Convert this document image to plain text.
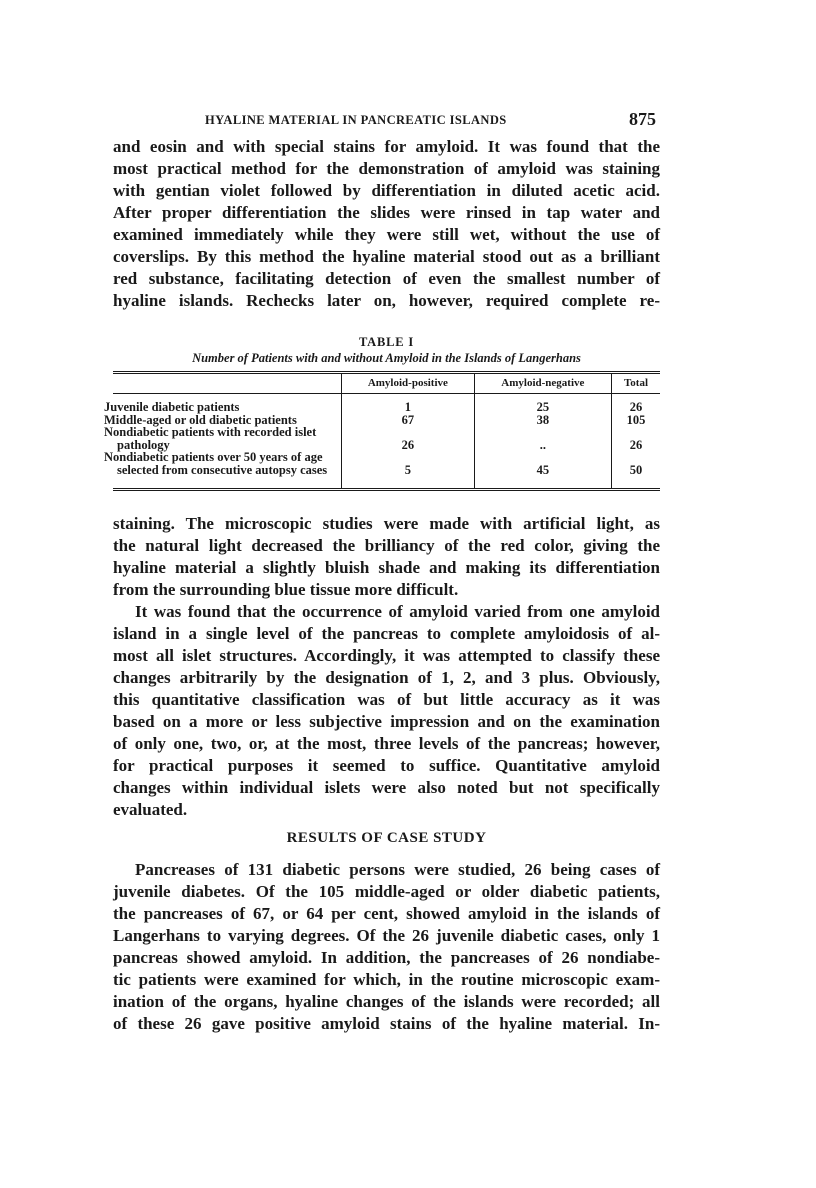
HYALINE MATERIAL IN PANCREATIC ISLANDS	875

and eosin and with special stains for amyloid. It was found that the
most practical method for the demonstration of amyloid was staining
with gentian violet followed by differentiation in diluted acetic acid.
After proper differentiation the slides were rinsed in tap water and
examined immediately while they were still wet, without the use of
coverslips. By this method the hyaline material stood out as a brilliant
red substance, facilitating detection of even the smallest number of
hyaline islands. Rechecks later on, however, required complete re-

TABLE I

Number of Patients with and without Amyloid in the Islands of Langerhans

	Amyloid-positive	Amyloid-negative	Total
Juvenile diabetic patients	1	25	26
Middle-aged or old diabetic patients	67	38	105
Nondiabetic patients with recorded islet pathology	26	..	26
Nondiabetic patients over 50 years of age selected from consecutive autopsy cases	5	45	50

staining. The microscopic studies were made with artificial light, as
the natural light decreased the brilliancy of the red color, giving the
hyaline material a slightly bluish shade and making its differentiation
from the surrounding blue tissue more difficult.

It was found that the occurrence of amyloid varied from one amyloid
island in a single level of the pancreas to complete amyloidosis of al-
most all islet structures. Accordingly, it was attempted to classify these
changes arbitrarily by the designation of 1, 2, and 3 plus. Obviously,
this quantitative classification was of but little accuracy as it was
based on a more or less subjective impression and on the examination
of only one, two, or, at the most, three levels of the pancreas; however,
for practical purposes it seemed to suffice. Quantitative amyloid
changes within individual islets were also noted but not specifically
evaluated.

RESULTS OF CASE STUDY

Pancreases of 131 diabetic persons were studied, 26 being cases of
juvenile diabetes. Of the 105 middle-aged or older diabetic patients,
the pancreases of 67, or 64 per cent, showed amyloid in the islands of
Langerhans to varying degrees. Of the 26 juvenile diabetic cases, only 1
pancreas showed amyloid. In addition, the pancreases of 26 nondiabe-
tic patients were examined for which, in the routine microscopic exam-
ination of the organs, hyaline changes of the islands were recorded; all
of these 26 gave positive amyloid stains of the hyaline material. In-
